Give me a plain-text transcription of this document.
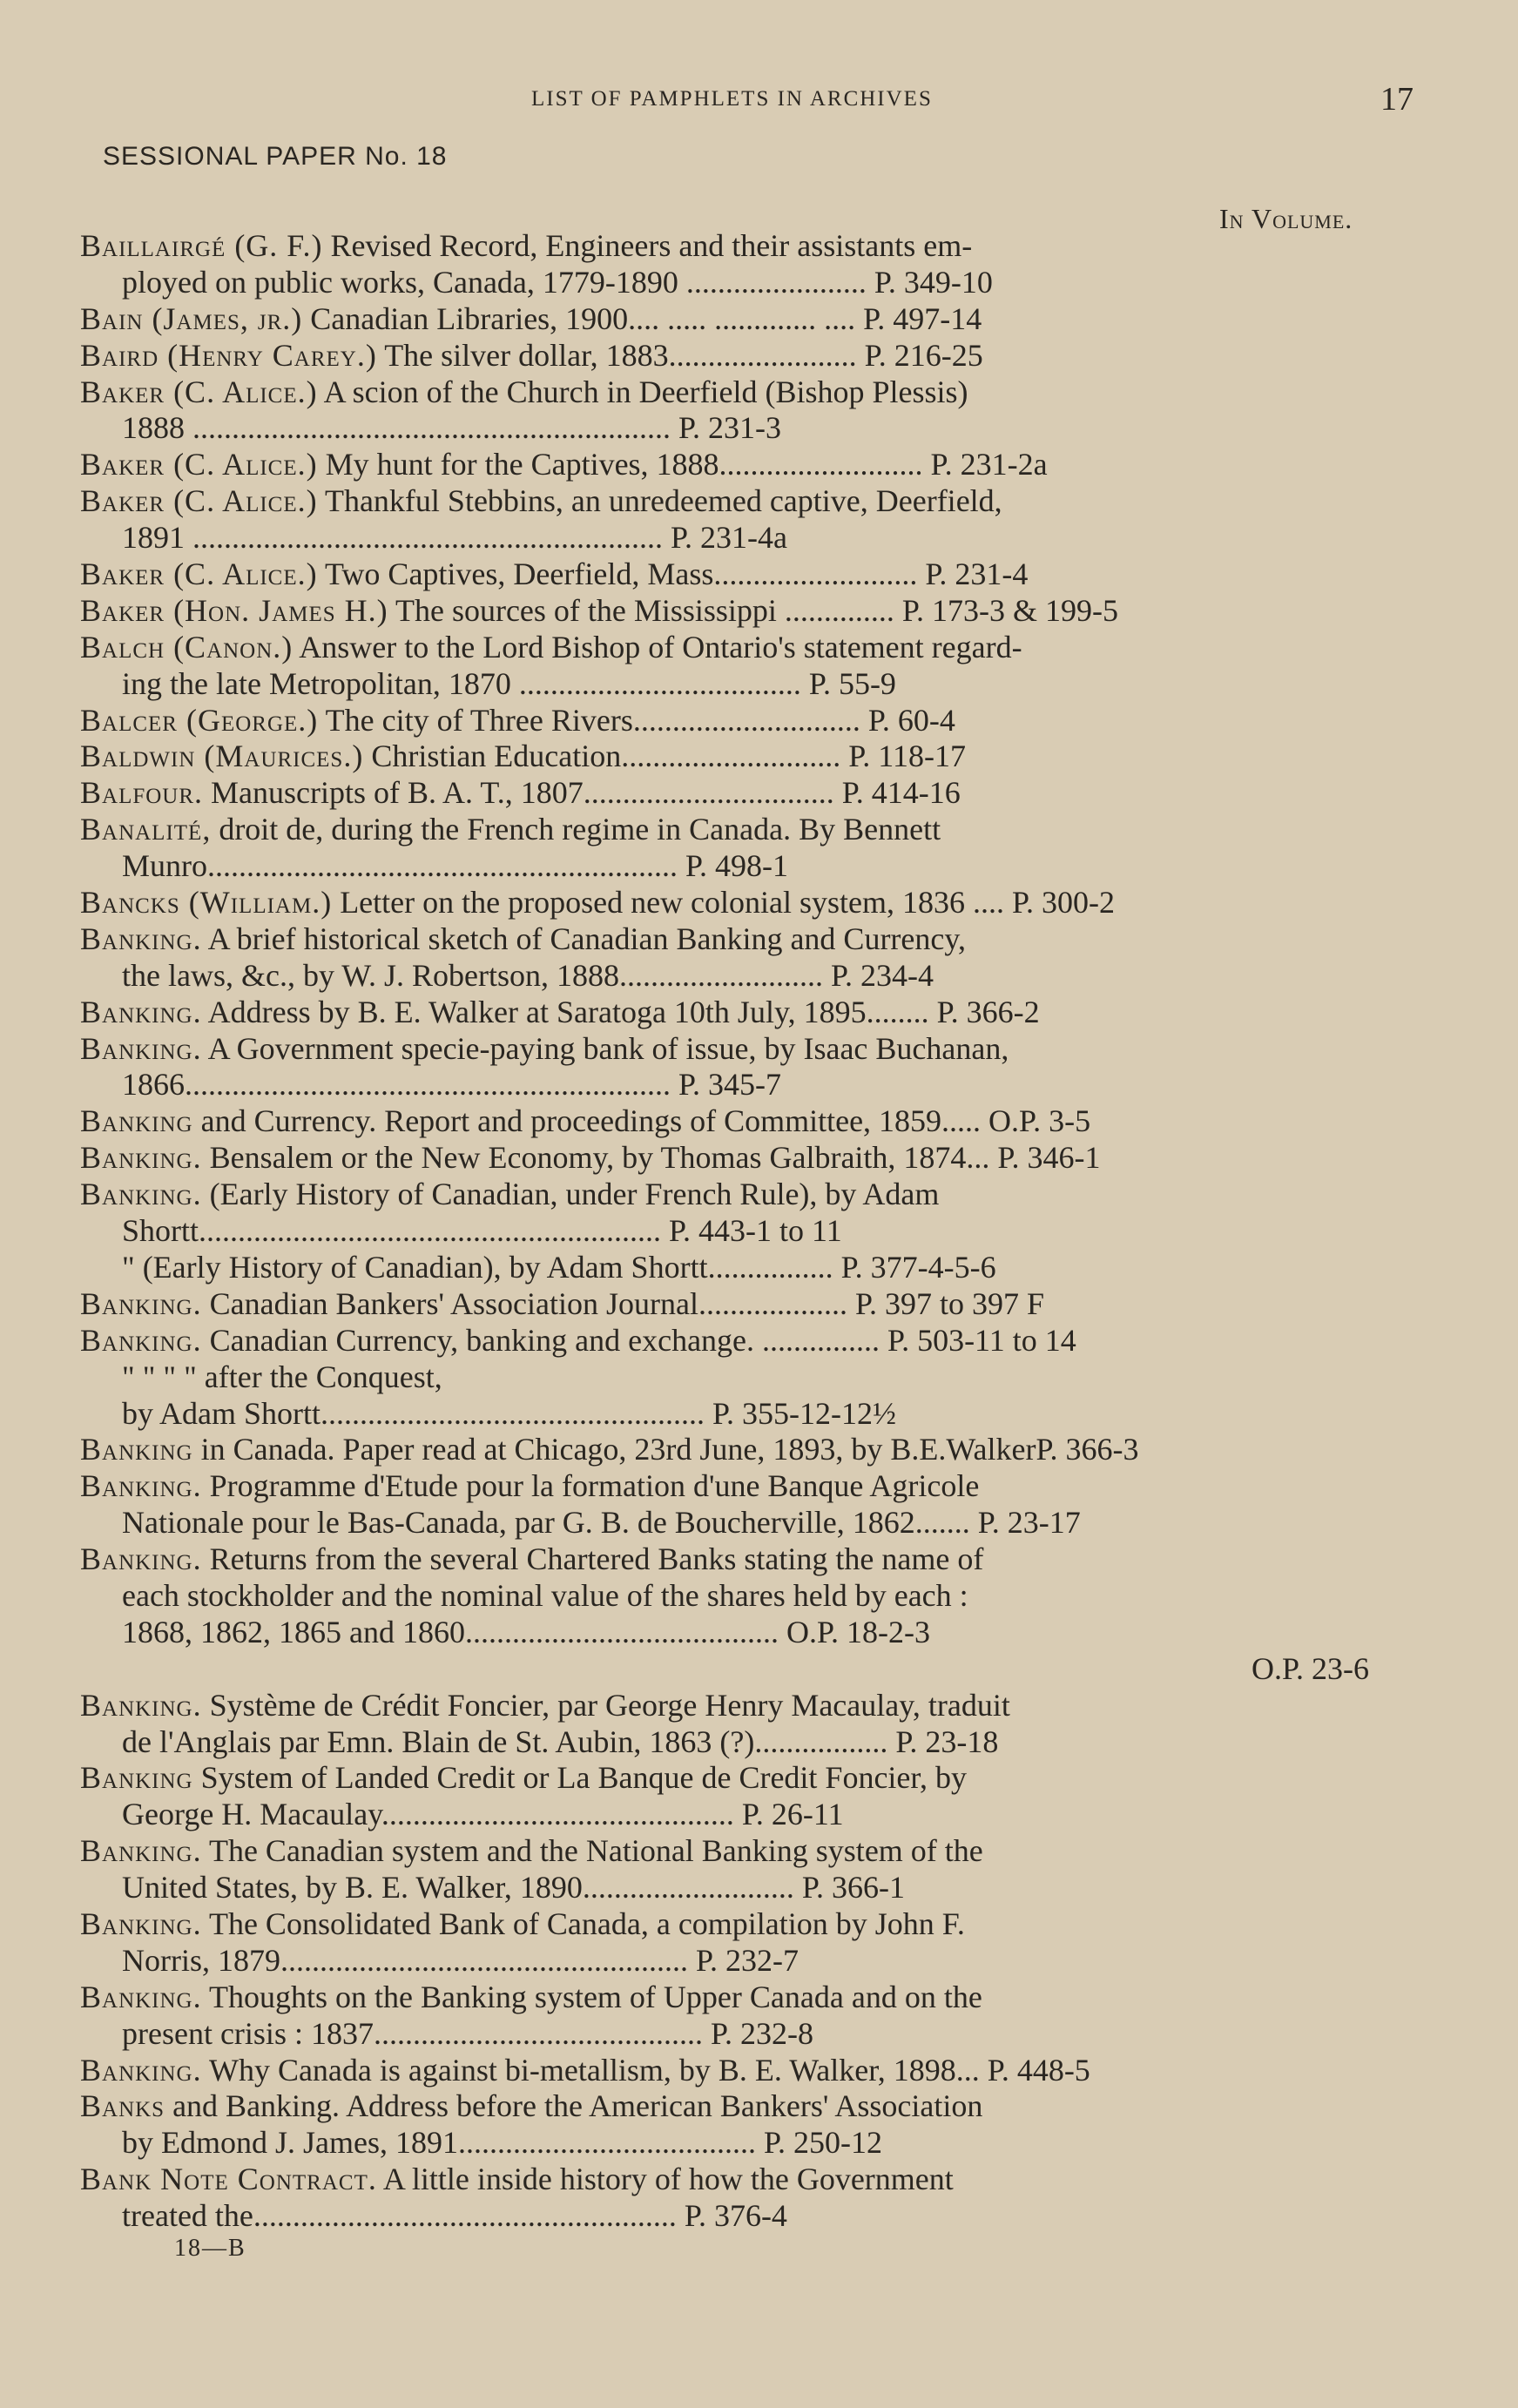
LIST OF PAMPHLETS IN ARCHIVES	17
SESSIONAL PAPER No. 18
In Volume.
Baillairgé (G. F.) Revised Record, Engineers and their assistants em-
ployed on public works, Canada, 1779-1890 ....................... P. 349-10
Bain (James, jr.) Canadian Libraries, 1900.... ..... ............. .... P. 497-14
Baird (Henry Carey.) The silver dollar, 1883........................ P. 216-25
Baker (C. Alice.) A scion of the Church in Deerfield (Bishop Plessis)
1888 ............................................................. P. 231-3
Baker (C. Alice.) My hunt for the Captives, 1888.......................... P. 231-2a
Baker (C. Alice.) Thankful Stebbins, an unredeemed captive, Deerfield,
1891 ............................................................ P. 231-4a
Baker (C. Alice.) Two Captives, Deerfield, Mass.......................... P. 231-4
Baker (Hon. James H.) The sources of the Mississippi .............. P. 173-3 & 199-5
Balch (Canon.) Answer to the Lord Bishop of Ontario's statement regard-
ing the late Metropolitan, 1870 .................................... P. 55-9
Balcer (George.) The city of Three Rivers............................. P. 60-4
Baldwin (Maurices.) Christian Education............................ P. 118-17
Balfour. Manuscripts of B. A. T., 1807................................ P. 414-16
Banalité, droit de, during the French regime in Canada. By Bennett
Munro............................................................ P. 498-1
Bancks (William.) Letter on the proposed new colonial system, 1836 .... P. 300-2
Banking. A brief historical sketch of Canadian Banking and Currency,
the laws, &c., by W. J. Robertson, 1888.......................... P. 234-4
Banking. Address by B. E. Walker at Saratoga 10th July, 1895........ P. 366-2
Banking. A Government specie-paying bank of issue, by Isaac Buchanan,
1866.............................................................. P. 345-7
Banking and Currency. Report and proceedings of Committee, 1859..... O.P. 3-5
Banking. Bensalem or the New Economy, by Thomas Galbraith, 1874... P. 346-1
Banking. (Early History of Canadian, under French Rule), by Adam
Shortt........................................................... P. 443-1 to 11
" (Early History of Canadian), by Adam Shortt................ P. 377-4-5-6
Banking. Canadian Bankers' Association Journal................... P. 397 to 397 F
Banking. Canadian Currency, banking and exchange. ............... P. 503-11 to 14
" " " " after the Conquest,
by Adam Shortt................................................. P. 355-12-12½
Banking in Canada. Paper read at Chicago, 23rd June, 1893, by B.E.WalkerP. 366-3
Banking. Programme d'Etude pour la formation d'une Banque Agricole
Nationale pour le Bas-Canada, par G. B. de Boucherville, 1862....... P. 23-17
Banking. Returns from the several Chartered Banks stating the name of
each stockholder and the nominal value of the shares held by each :
1868, 1862, 1865 and 1860........................................ O.P. 18-2-3
O.P. 23-6
Banking. Système de Crédit Foncier, par George Henry Macaulay, traduit
de l'Anglais par Emn. Blain de St. Aubin, 1863 (?)................. P. 23-18
Banking System of Landed Credit or La Banque de Credit Foncier, by
George H. Macaulay............................................. P. 26-11
Banking. The Canadian system and the National Banking system of the
United States, by B. E. Walker, 1890........................... P. 366-1
Banking. The Consolidated Bank of Canada, a compilation by John F.
Norris, 1879.................................................... P. 232-7
Banking. Thoughts on the Banking system of Upper Canada and on the
present crisis : 1837.......................................... P. 232-8
Banking. Why Canada is against bi-metallism, by B. E. Walker, 1898... P. 448-5
Banks and Banking. Address before the American Bankers' Association
by Edmond J. James, 1891...................................... P. 250-12
Bank Note Contract. A little inside history of how the Government
treated the...................................................... P. 376-4
18—B
